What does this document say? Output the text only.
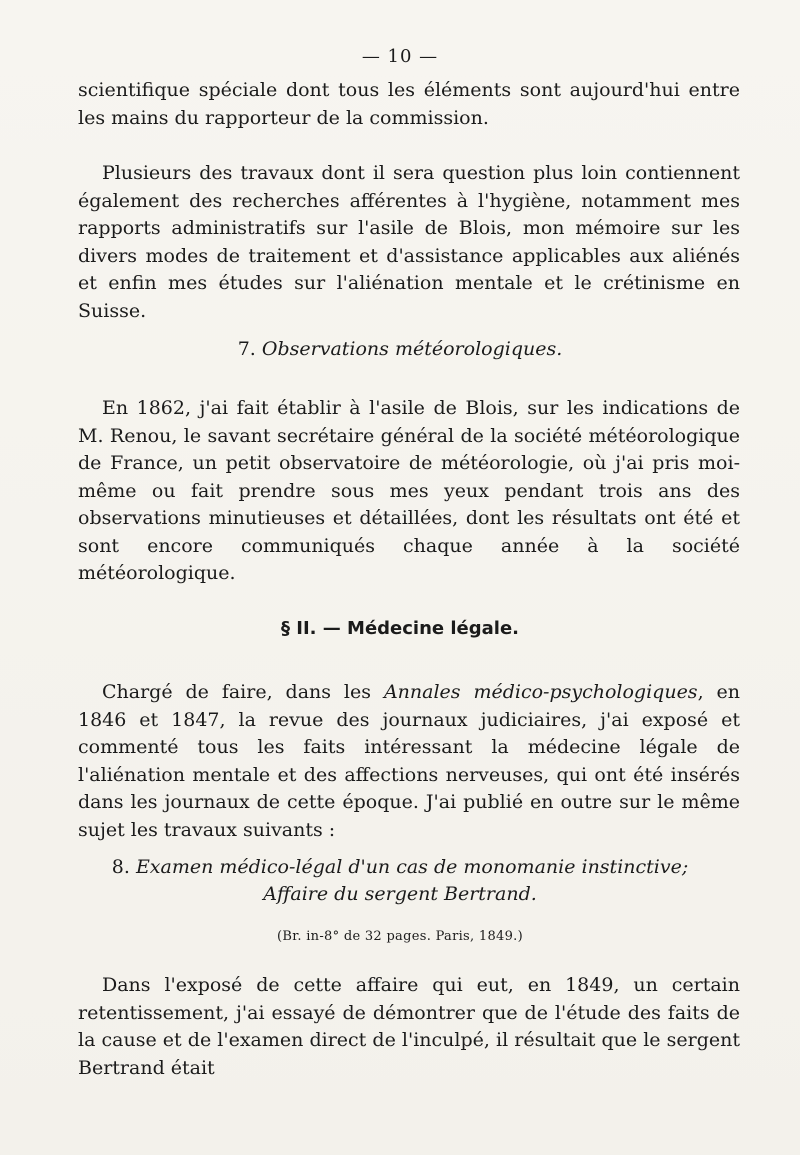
— 10 —

scientifique spéciale dont tous les éléments sont aujourd'hui entre les mains du rapporteur de la commission.

Plusieurs des travaux dont il sera question plus loin contiennent également des recherches afférentes à l'hygiène, notamment mes rapports administratifs sur l'asile de Blois, mon mémoire sur les divers modes de traitement et d'assistance applicables aux aliénés et enfin mes études sur l'aliénation mentale et le crétinisme en Suisse.

7. Observations météorologiques.

En 1862, j'ai fait établir à l'asile de Blois, sur les indications de M. Renou, le savant secrétaire général de la société météorologique de France, un petit observatoire de météorologie, où j'ai pris moi-même ou fait prendre sous mes yeux pendant trois ans des observations minutieuses et détaillées, dont les résultats ont été et sont encore communiqués chaque année à la société météorologique.

§ II. — Médecine légale.

Chargé de faire, dans les Annales médico-psychologiques, en 1846 et 1847, la revue des journaux judiciaires, j'ai exposé et commenté tous les faits intéressant la médecine légale de l'aliénation mentale et des affections nerveuses, qui ont été insérés dans les journaux de cette époque. J'ai publié en outre sur le même sujet les travaux suivants :

8. Examen médico-légal d'un cas de monomanie instinctive;
Affaire du sergent Bertrand.
(Br. in-8° de 32 pages. Paris, 1849.)

Dans l'exposé de cette affaire qui eut, en 1849, un certain retentissement, j'ai essayé de démontrer que de l'étude des faits de la cause et de l'examen direct de l'inculpé, il résultait que le sergent Bertrand était
